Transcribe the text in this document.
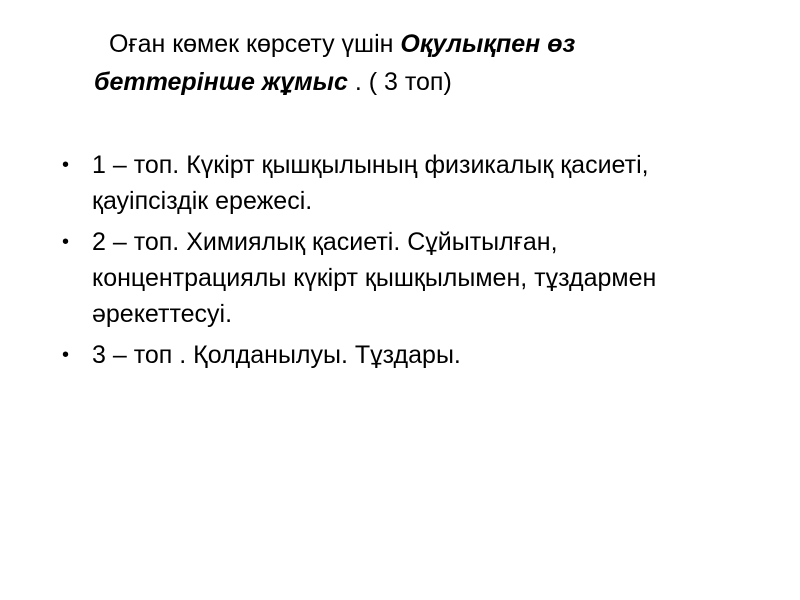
Оған көмек көрсету үшін Оқулықпен өз беттерінше жұмыс . ( 3 топ)
• 1 – топ. Күкірт қышқылының физикалық қасиеті, қауіпсіздік ережесі.
• 2 – топ. Химиялық қасиеті. Сұйытылған, концентрациялы күкірт қышқылымен, тұздармен әрекеттесуі.
• 3 – топ . Қолданылуы. Тұздары.
